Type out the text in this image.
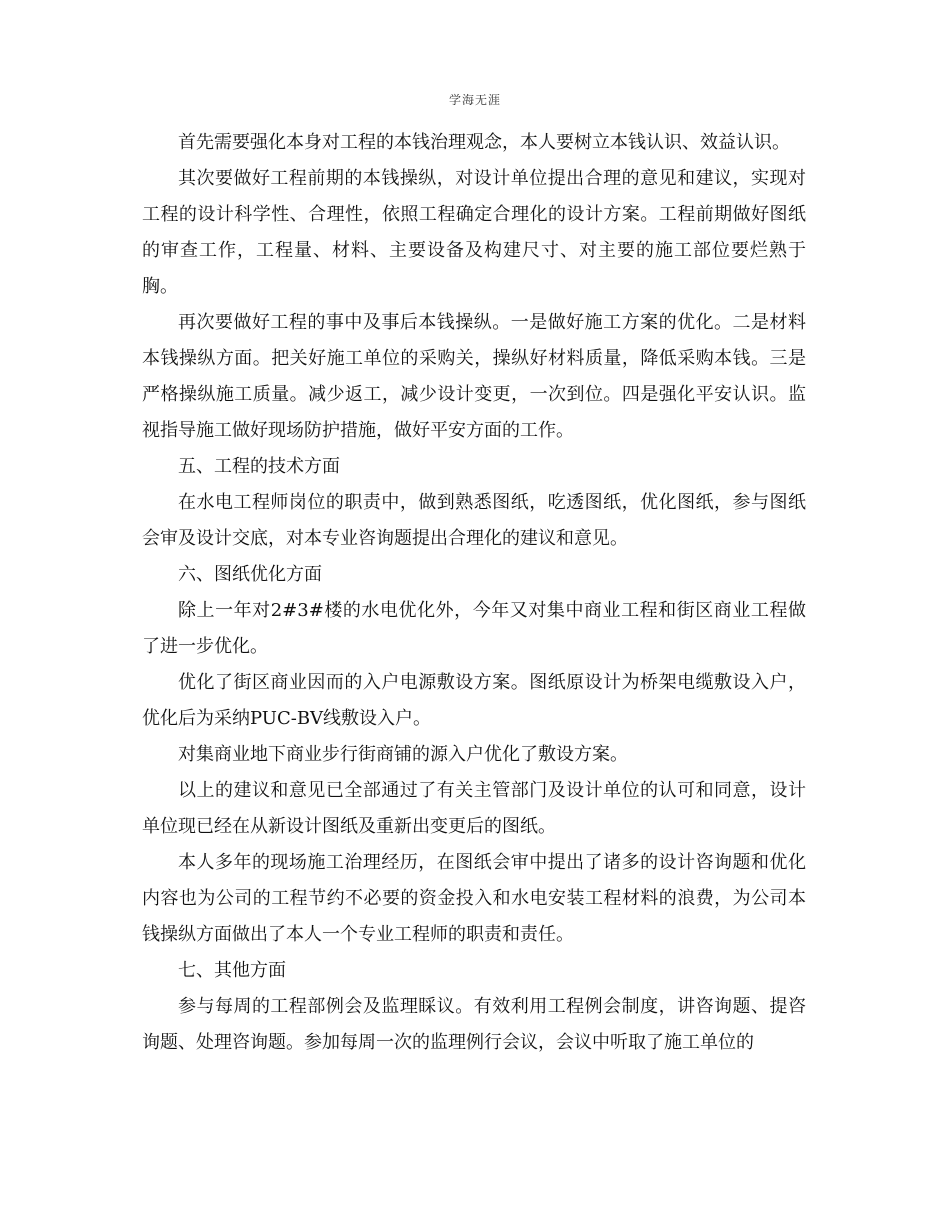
学海无涯

首先需要强化本身对工程的本钱治理观念，本人要树立本钱认识、效益认识。

其次要做好工程前期的本钱操纵，对设计单位提出合理的意见和建议，实现对工程的设计科学性、合理性，依照工程确定合理化的设计方案。工程前期做好图纸的审查工作，工程量、材料、主要设备及构建尺寸、对主要的施工部位要烂熟于胸。

再次要做好工程的事中及事后本钱操纵。一是做好施工方案的优化。二是材料本钱操纵方面。把关好施工单位的采购关，操纵好材料质量，降低采购本钱。三是严格操纵施工质量。减少返工，减少设计变更，一次到位。四是强化平安认识。监视指导施工做好现场防护措施，做好平安方面的工作。

五、工程的技术方面

在水电工程师岗位的职责中，做到熟悉图纸，吃透图纸，优化图纸，参与图纸会审及设计交底，对本专业咨询题提出合理化的建议和意见。

六、图纸优化方面

除上一年对2#3#楼的水电优化外，今年又对集中商业工程和街区商业工程做了进一步优化。

优化了街区商业因而的入户电源敷设方案。图纸原设计为桥架电缆敷设入户，优化后为采纳PUC-BV线敷设入户。

对集商业地下商业步行街商铺的源入户优化了敷设方案。

以上的建议和意见已全部通过了有关主管部门及设计单位的认可和同意，设计单位现已经在从新设计图纸及重新出变更后的图纸。

本人多年的现场施工治理经历，在图纸会审中提出了诸多的设计咨询题和优化内容也为公司的工程节约不必要的资金投入和水电安装工程材料的浪费，为公司本钱操纵方面做出了本人一个专业工程师的职责和责任。

七、其他方面

参与每周的工程部例会及监理睬议。有效利用工程例会制度，讲咨询题、提咨询题、处理咨询题。参加每周一次的监理例行会议，会议中听取了施工单位的
